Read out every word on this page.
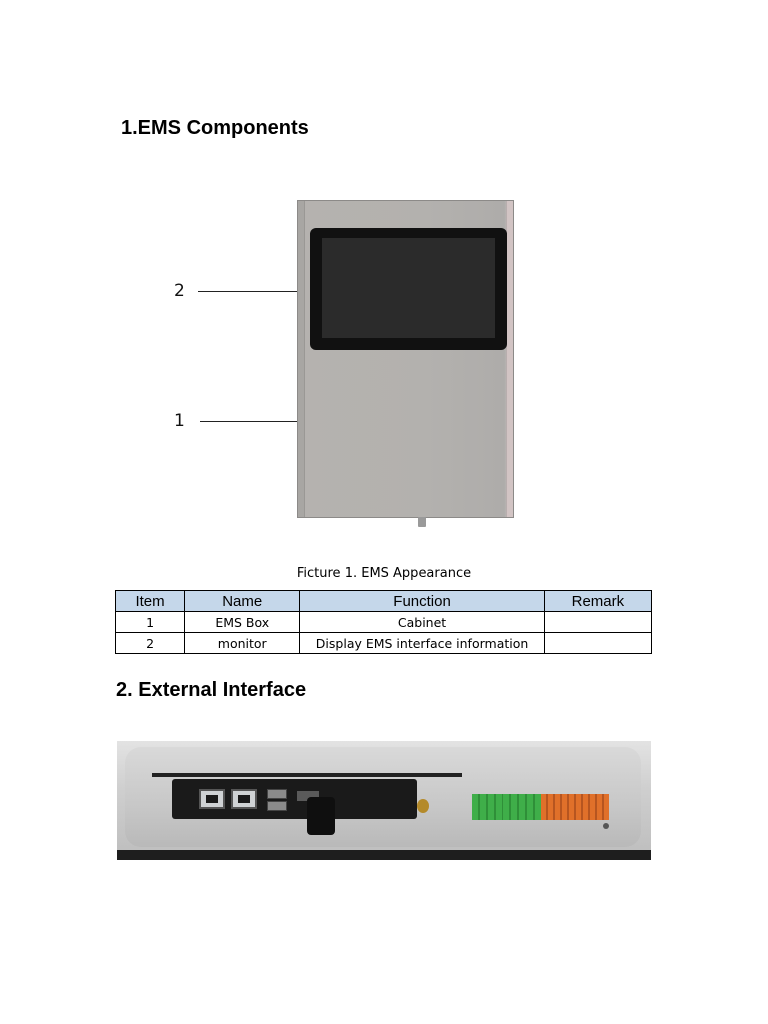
1.EMS Components
2
1
Ficture 1. EMS Appearance
Item	Name	Function	Remark
1	EMS Box	Cabinet	
2	monitor	Display EMS interface information	
2. External Interface
